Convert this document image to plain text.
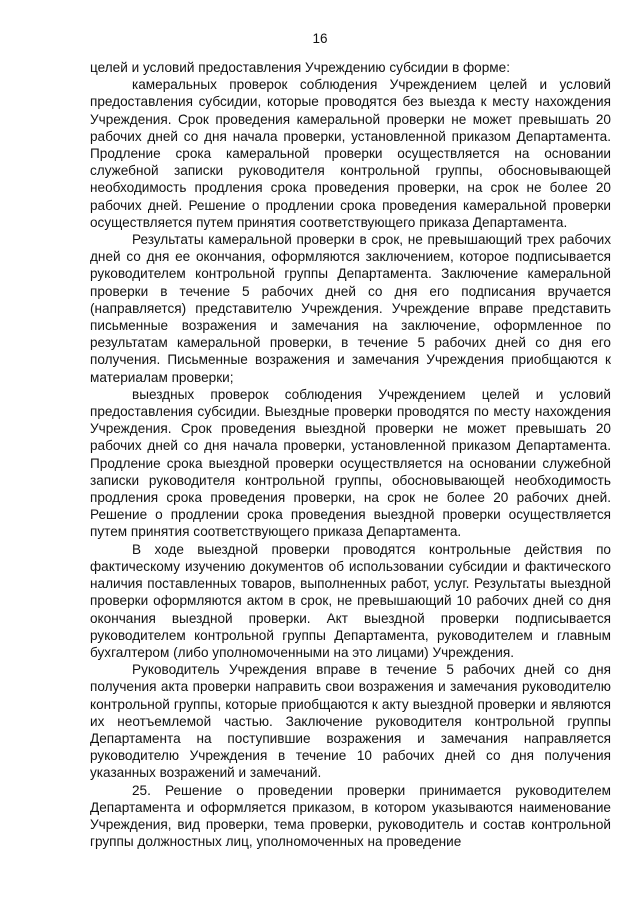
16

целей и условий предоставления Учреждению субсидии в форме:

камеральных проверок соблюдения Учреждением целей и условий предоставления субсидии, которые проводятся без выезда к месту нахождения Учреждения. Срок проведения камеральной проверки не может превышать 20 рабочих дней со дня начала проверки, установленной приказом Департамента. Продление срока камеральной проверки осуществляется на основании служебной записки руководителя контрольной группы, обосновывающей необходимость продления срока проведения проверки, на срок не более 20 рабочих дней. Решение о продлении срока проведения камеральной проверки осуществляется путем принятия соответствующего приказа Департамента.

Результаты камеральной проверки в срок, не превышающий трех рабочих дней со дня ее окончания, оформляются заключением, которое подписывается руководителем контрольной группы Департамента. Заключение камеральной проверки в течение 5 рабочих дней со дня его подписания вручается (направляется) представителю Учреждения. Учреждение вправе представить письменные возражения и замечания на заключение, оформленное по результатам камеральной проверки, в течение 5 рабочих дней со дня его получения. Письменные возражения и замечания Учреждения приобщаются к материалам проверки;

выездных проверок соблюдения Учреждением целей и условий предоставления субсидии. Выездные проверки проводятся по месту нахождения Учреждения. Срок проведения выездной проверки не может превышать 20 рабочих дней со дня начала проверки, установленной приказом Департамента. Продление срока выездной проверки осуществляется на основании служебной записки руководителя контрольной группы, обосновывающей необходимость продления срока проведения проверки, на срок не более 20 рабочих дней. Решение о продлении срока проведения выездной проверки осуществляется путем принятия соответствующего приказа Департамента.

В ходе выездной проверки проводятся контрольные действия по фактическому изучению документов об использовании субсидии и фактического наличия поставленных товаров, выполненных работ, услуг. Результаты выездной проверки оформляются актом в срок, не превышающий 10 рабочих дней со дня окончания выездной проверки. Акт выездной проверки подписывается руководителем контрольной группы Департамента, руководителем и главным бухгалтером (либо уполномоченными на это лицами) Учреждения.

Руководитель Учреждения вправе в течение 5 рабочих дней со дня получения акта проверки направить свои возражения и замечания руководителю контрольной группы, которые приобщаются к акту выездной проверки и являются их неотъемлемой частью. Заключение руководителя контрольной группы Департамента на поступившие возражения и замечания направляется руководителю Учреждения в течение 10 рабочих дней со дня получения указанных возражений и замечаний.

25. Решение о проведении проверки принимается руководителем Департамента и оформляется приказом, в котором указываются наименование Учреждения, вид проверки, тема проверки, руководитель и состав контрольной группы должностных лиц, уполномоченных на проведение
